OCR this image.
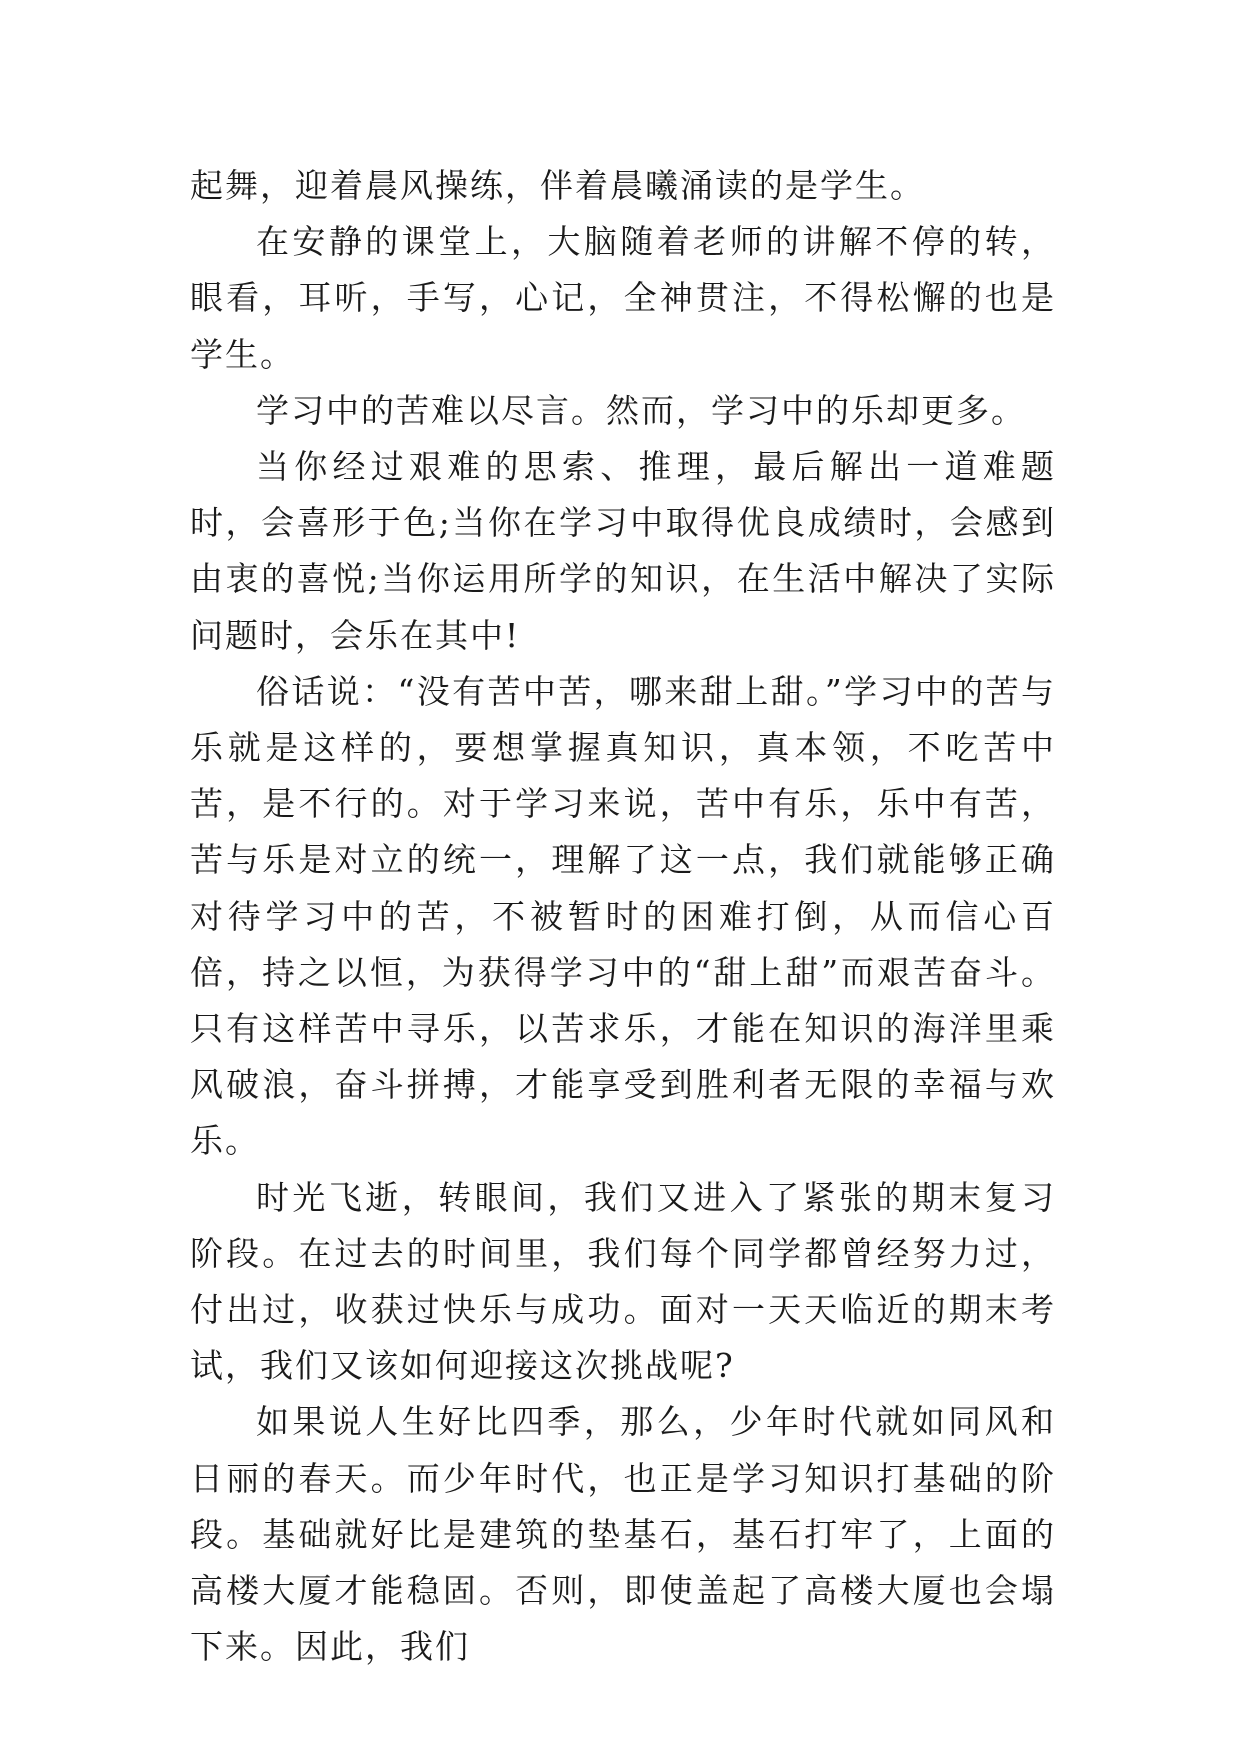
起舞，迎着晨风操练，伴着晨曦涌读的是学生。

在安静的课堂上，大脑随着老师的讲解不停的转，眼看，耳听，手写，心记，全神贯注，不得松懈的也是学生。

学习中的苦难以尽言。然而，学习中的乐却更多。

当你经过艰难的思索、推理，最后解出一道难题时，会喜形于色;当你在学习中取得优良成绩时，会感到由衷的喜悦;当你运用所学的知识，在生活中解决了实际问题时，会乐在其中!

俗话说：“没有苦中苦，哪来甜上甜。”学习中的苦与乐就是这样的，要想掌握真知识，真本领，不吃苦中苦，是不行的。对于学习来说，苦中有乐，乐中有苦，苦与乐是对立的统一，理解了这一点，我们就能够正确对待学习中的苦，不被暂时的困难打倒，从而信心百倍，持之以恒，为获得学习中的“甜上甜”而艰苦奋斗。只有这样苦中寻乐，以苦求乐，才能在知识的海洋里乘风破浪，奋斗拼搏，才能享受到胜利者无限的幸福与欢乐。

时光飞逝，转眼间，我们又进入了紧张的期末复习阶段。在过去的时间里，我们每个同学都曾经努力过，付出过，收获过快乐与成功。面对一天天临近的期末考试，我们又该如何迎接这次挑战呢?

如果说人生好比四季，那么，少年时代就如同风和日丽的春天。而少年时代，也正是学习知识打基础的阶段。基础就好比是建筑的垫基石，基石打牢了，上面的高楼大厦才能稳固。否则，即使盖起了高楼大厦也会塌下来。因此，我们
